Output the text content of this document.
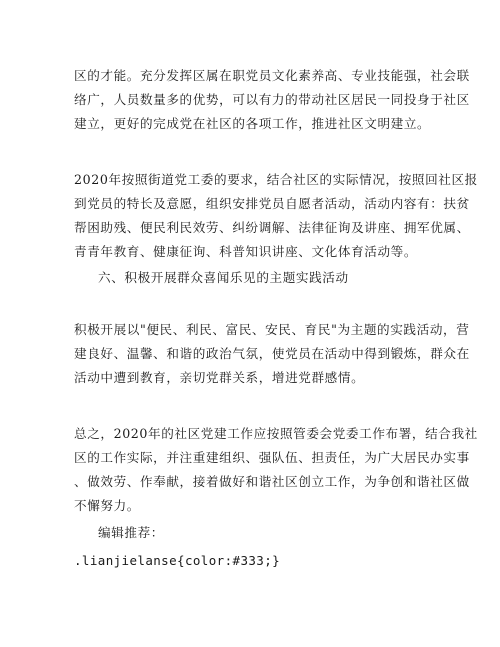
区的才能。充分发挥区属在职党员文化素养高、专业技能强，社会联
络广，人员数量多的优势，可以有力的带动社区居民一同投身于社区
建立，更好的完成党在社区的各项工作，推进社区文明建立。
2020年按照街道党工委的要求，结合社区的实际情况，按照回社区报
到党员的特长及意愿，组织安排党员自愿者活动，活动内容有：扶贫
帮困助残、便民利民效劳、纠纷调解、法律征询及讲座、拥军优属、
青青年教育、健康征询、科普知识讲座、文化体育活动等。
六、积极开展群众喜闻乐见的主题实践活动
积极开展以"便民、利民、富民、安民、育民"为主题的实践活动，营
建良好、温馨、和谐的政治气氛，使党员在活动中得到锻炼，群众在
活动中遭到教育，亲切党群关系，增进党群感情。
总之，2020年的社区党建工作应按照管委会党委工作布署，结合我社
区的工作实际，并注重建组织、强队伍、担责任，为广大居民办实事
、做效劳、作奉献，接着做好和谐社区创立工作，为争创和谐社区做
不懈努力。
编辑推荐：
.lianjielanse{color:#333;}
